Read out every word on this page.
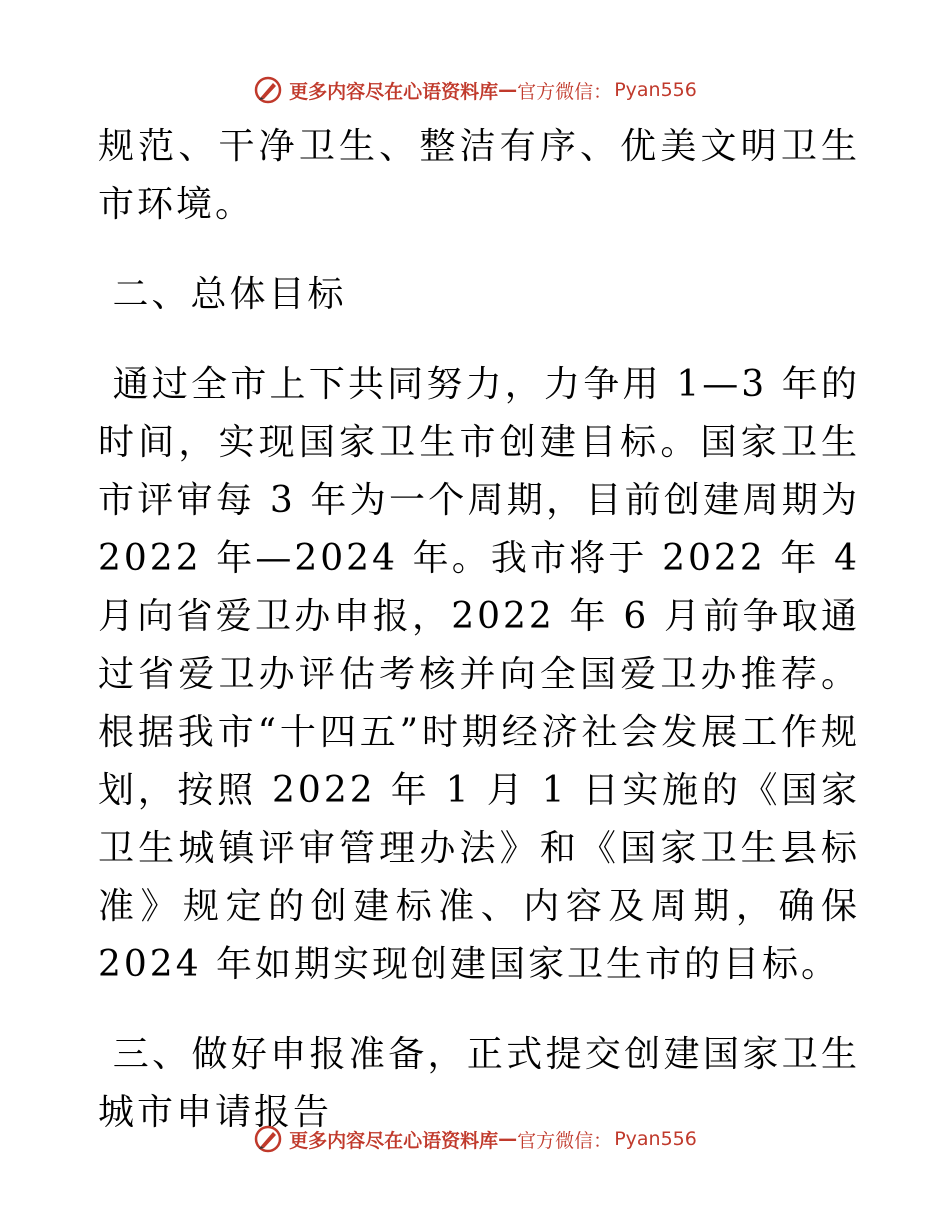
更多内容尽在心语资料库 — 官方微信： Pyan556

规范、干净卫生、整洁有序、优美文明卫生市环境。

二、总体目标

通过全市上下共同努力，力争用 1—3 年的时间，实现国家卫生市创建目标。国家卫生市评审每 3 年为一个周期，目前创建周期为 2022 年—2024 年。我市将于 2022 年 4 月向省爱卫办申报，2022 年 6 月前争取通过省爱卫办评估考核并向全国爱卫办推荐。根据我市“十四五”时期经济社会发展工作规划，按照 2022 年 1 月 1 日实施的《国家卫生城镇评审管理办法》和《国家卫生县标准》规定的创建标准、内容及周期，确保 2024 年如期实现创建国家卫生市的目标。

三、做好申报准备，正式提交创建国家卫生城市申请报告

更多内容尽在心语资料库 — 官方微信： Pyan556
